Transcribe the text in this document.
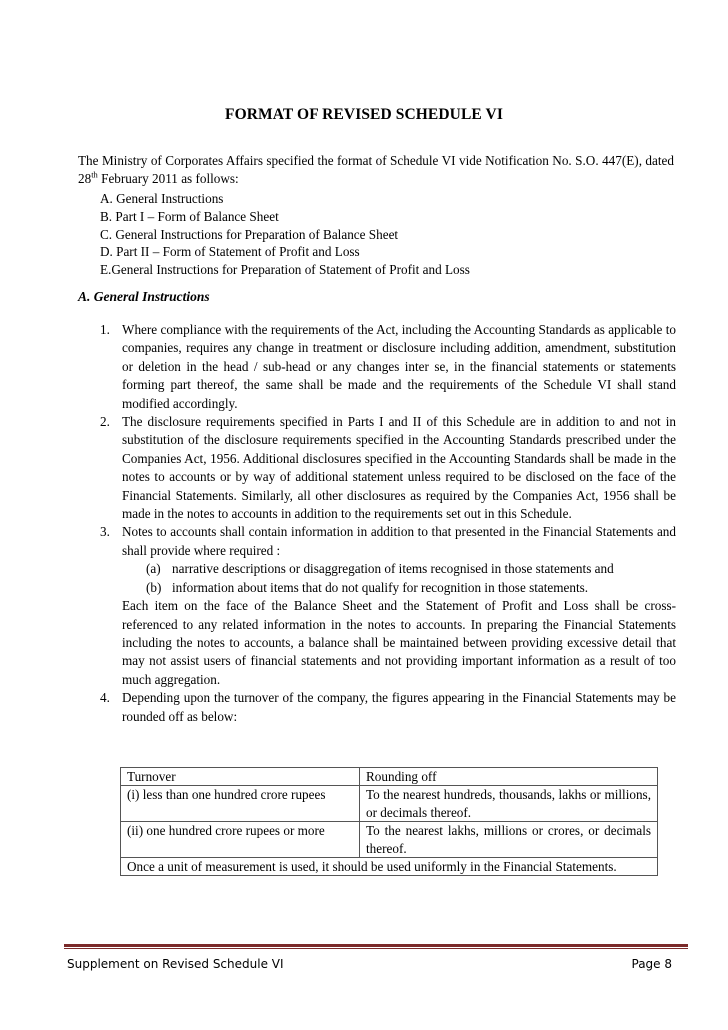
FORMAT OF REVISED SCHEDULE VI
The Ministry of Corporates Affairs specified the format of Schedule VI vide Notification No. S.O. 447(E), dated 28th February 2011 as follows:
A. General Instructions
B. Part I – Form of Balance Sheet
C. General Instructions for Preparation of Balance Sheet
D. Part II – Form of Statement of Profit and Loss
E.General Instructions for Preparation of Statement of Profit and Loss
A. General Instructions
1. Where compliance with the requirements of the Act, including the Accounting Standards as applicable to companies, requires any change in treatment or disclosure including addition, amendment, substitution or deletion in the head / sub-head or any changes inter se, in the financial statements or statements forming part thereof, the same shall be made and the requirements of the Schedule VI shall stand modified accordingly.

2. The disclosure requirements specified in Parts I and II of this Schedule are in addition to and not in substitution of the disclosure requirements specified in the Accounting Standards prescribed under the Companies Act, 1956. Additional disclosures specified in the Accounting Standards shall be made in the notes to accounts or by way of additional statement unless required to be disclosed on the face of the Financial Statements. Similarly, all other disclosures as required by the Companies Act, 1956 shall be made in the notes to accounts in addition to the requirements set out in this Schedule.

3. Notes to accounts shall contain information in addition to that presented in the Financial Statements and shall provide where required :

(a) narrative descriptions or disaggregation of items recognised in those statements and
(b) information about items that do not qualify for recognition in those statements.

Each item on the face of the Balance Sheet and the Statement of Profit and Loss shall be cross-referenced to any related information in the notes to accounts. In preparing the Financial Statements including the notes to accounts, a balance shall be maintained between providing excessive detail that may not assist users of financial statements and not providing important information as a result of too much aggregation.

4. Depending upon the turnover of the company, the figures appearing in the Financial Statements may be rounded off as below:

Turnover	Rounding off
(i) less than one hundred crore rupees	To the nearest hundreds, thousands, lakhs or millions, or decimals thereof.
(ii) one hundred crore rupees or more	To the nearest lakhs, millions or crores, or decimals thereof.
Once a unit of measurement is used, it should be used uniformly in the Financial Statements.	
Supplement on Revised Schedule VI	Page 8
